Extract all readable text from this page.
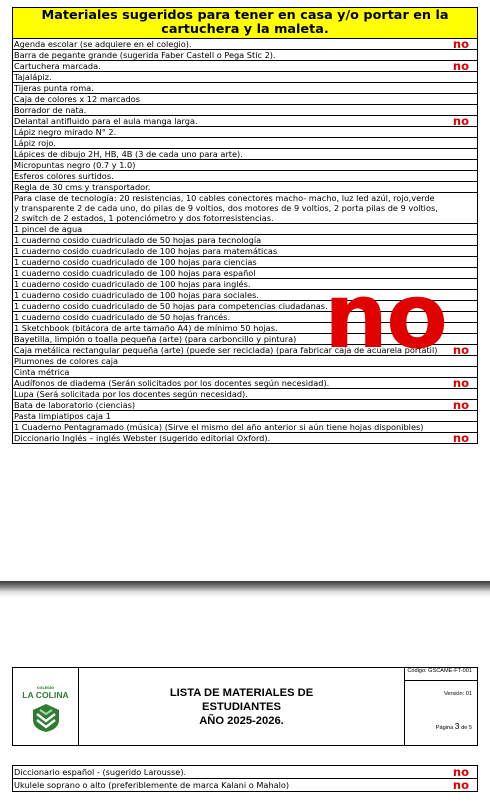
Materiales sugeridos para tener en casa y/o portar en la cartuchera y la maleta.
Agenda escolar (se adquiere en el colegio).	no

Barra de pegante grande (sugerida Faber Castell o Pega Stic 2).
Cartuchera marcada.	no

Tajalápiz.
Tijeras punta roma.
Caja de colores x 12 marcados
Borrador de nata.
Delantal antifluido para el aula manga larga.	no

Lápiz negro mirado N° 2.
Lápiz rojo.
Lápices de dibujo 2H, HB, 4B (3 de cada uno para arte).
Micropuntas negro (0.7 y 1.0)
Esferos colores surtidos.
Regla de 30 cms y transportador.
Para clase de tecnología: 20 resistencias, 10 cables conectores macho- macho, luz led azúl, rojo,verde y transparente 2 de cada uno, do pilas de 9 voltios, dos motores de 9 voltios, 2 porta pilas de 9 voltios, 2 switch de 2 estados, 1 potenciómetro y dos fotorresistencias.
1 pincel de agua
1 cuaderno cosido cuadriculado de 50 hojas para tecnología
1 cuaderno cosido cuadriculado de 100 hojas para matemáticas
1 cuaderno cosido cuadriculado de 100 hojas para ciencias
1 cuaderno cosido cuadriculado de 100 hojas para español
1 cuaderno cosido cuadriculado de 100 hojas para inglés.
1 cuaderno cosido cuadriculado de 100 hojas para sociales.
1 cuaderno cosido cuadriculado de 50 hojas para competencias ciudadanas.
1 cuaderno cosido cuadriculado de 50 hojas francés.
1 Sketchbook (bitácora de arte tamaño A4) de mínimo 50 hojas.
Bayetilla, limpión o toalla pequeña (arte) (para carboncillo y pintura)
Caja metálica rectangular pequeña (arte) (puede ser reciclada) (para fabricar caja de acuarela portátil) no

Plumones de colores caja
Cinta métrica
Audífonos de diadema (Serán solicitados por los docentes según necesidad).	no

Lupa (Será solicitada por los docentes según necesidad).
Bata de laboratorio (ciencias)	no

Pasta limpiatipos caja 1
1 Cuaderno Pentagramado (música) (Sirve el mismo del año anterior si aún tiene hojas disponibles)
Diccionario Inglés – inglés Webster (sugerido editorial Oxford).	no
no
COLEGIO
LA COLINA	LISTA DE MATERIALES DE
ESTUDIANTES
AÑO 2025-2026.

Código: GSCAME-FT-001
Versión: 01
Página 3 de 5
Diccionario español - (sugerido Larousse).	no

Ukulele soprano o alto (preferiblemente de marca Kalani o Mahalo)	no
